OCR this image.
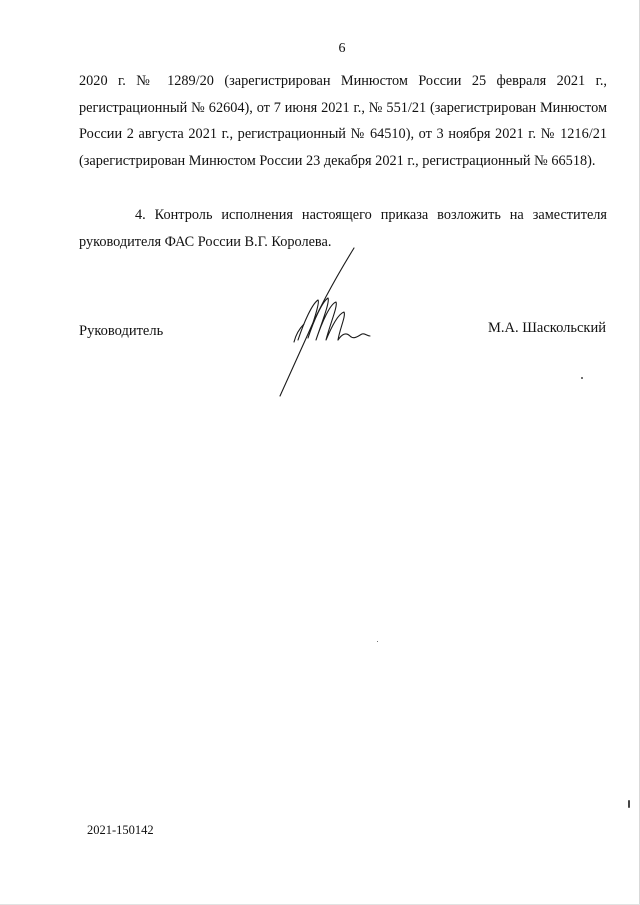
6
2020 г. № 1289/20 (зарегистрирован Минюстом России 25 февраля 2021 г., регистрационный № 62604), от 7 июня 2021 г., № 551/21 (зарегистрирован Минюстом России 2 августа 2021 г., регистрационный № 64510), от 3 ноября 2021 г. № 1216/21 (зарегистрирован Минюстом России 23 декабря 2021 г., регистрационный № 66518).
4. Контроль исполнения настоящего приказа возложить на заместителя руководителя ФАС России В.Г. Королева.
Руководитель	М.А. Шаскольский
2021-150142
